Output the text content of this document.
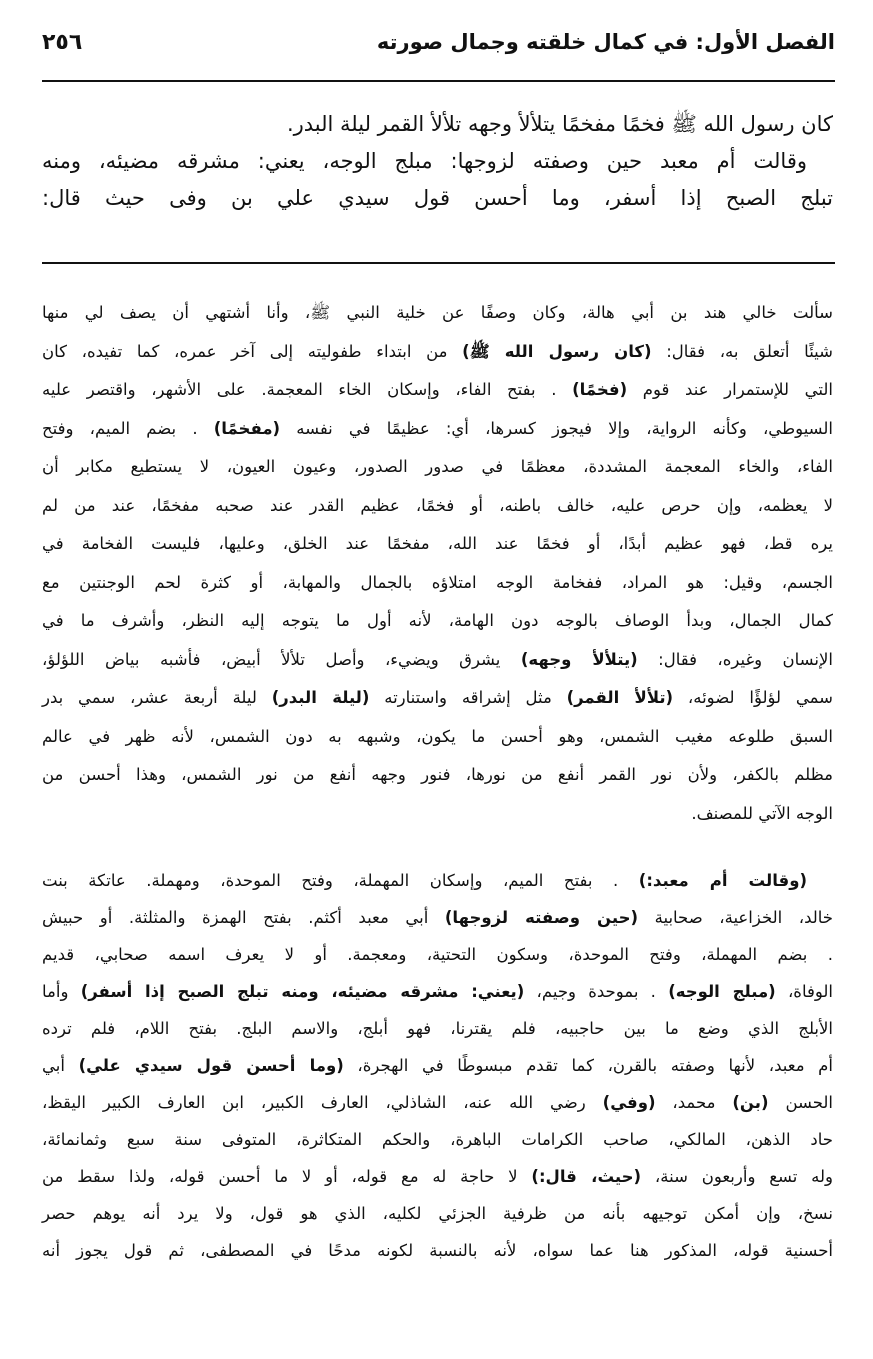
الفصل الأول: في كمال خلقته وجمال صورته
٢٥٦
كان رسول الله ﷺ فخمًا مفخمًا يتلألأ وجهه تلألأ القمر ليلة البدر.
وقالت أم معبد حين وصفته لزوجها: مبلج الوجه، يعني: مشرقه مضيئه، ومنه
تبلج الصبح إذا أسفر، وما أحسن قول سيدي علي بن وفى حيث قال:
سألت خالي هند بن أبي هالة، وكان وصفًا عن خلية النبي ﷺ، وأنا أشتهي أن يصف لي منها
شيئًا أتعلق به، فقال: (كان رسول الله ﷺ) من ابتداء طفوليته إلى آخر عمره، كما تفيده، كان
التي للإستمرار عند قوم (فخمًا) . بفتح الفاء، وإسكان الخاء المعجمة. على الأشهر، واقتصر عليه
السيوطي، وكأنه الرواية، وإلا فيجوز كسرها، أي: عظيمًا في نفسه (مفخمًا) . بضم الميم، وفتح
الفاء، والخاء المعجمة المشددة، معظمًا في صدور الصدور، وعيون العيون، لا يستطيع مكابر أن
لا يعظمه، وإن حرص عليه، خالف باطنه، أو فخمًا، عظيم القدر عند صحبه مفخمًا، عند من لم
يره قط، فهو عظيم أبدًا، أو فخمًا عند الله، مفخمًا عند الخلق، وعليها، فليست الفخامة في
الجسم، وقيل: هو المراد، ففخامة الوجه امتلاؤه بالجمال والمهابة، أو كثرة لحم الوجنتين مع
كمال الجمال، وبدأ الوصاف بالوجه دون الهامة، لأنه أول ما يتوجه إليه النظر، وأشرف ما في
الإنسان وغيره، فقال: (يتلألأ وجهه) يشرق ويضيء، وأصل تلألأ أبيض، فأشبه بياض اللؤلؤ،
سمي لؤلؤًا لضوئه، (تلألأ القمر) مثل إشراقه واستنارته (ليلة البدر) ليلة أربعة عشر، سمي بدر
السبق طلوعه مغيب الشمس، وهو أحسن ما يكون، وشبهه به دون الشمس، لأنه ظهر في عالم
مظلم بالكفر، ولأن نور القمر أنفع من نورها، فنور وجهه أنفع من نور الشمس، وهذا أحسن من
الوجه الآتي للمصنف.
(وقالت أم معبد:) . بفتح الميم، وإسكان المهملة، وفتح الموحدة، ومهملة. عاتكة بنت
خالد، الخزاعية، صحابية (حين وصفته لزوجها) أبي معبد أكثم. بفتح الهمزة والمثلثة. أو حبيش
. بضم المهملة، وفتح الموحدة، وسكون التحتية، ومعجمة. أو لا يعرف اسمه صحابي، قديم
الوفاة، (مبلج الوجه) . بموحدة وجيم، (يعني: مشرقه مضيئه، ومنه تبلج الصبح إذا أسفر) وأما
الأبلج الذي وضع ما بين حاجبيه، فلم يقترنا، فهو أبلج، والاسم البلج. بفتح اللام، فلم ترده
أم معبد، لأنها وصفته بالقرن، كما تقدم مبسوطًا في الهجرة، (وما أحسن قول سيدي علي) أبي
الحسن (بن) محمد، (وفي) رضي الله عنه، الشاذلي، العارف الكبير، ابن العارف الكبير اليقظ،
حاد الذهن، المالكي، صاحب الكرامات الباهرة، والحكم المتكاثرة، المتوفى سنة سبع وثمانمائة،
وله تسع وأربعون سنة، (حيث، قال:) لا حاجة له مع قوله، أو لا ما أحسن قوله، ولذا سقط من
نسخ، وإن أمكن توجيهه بأنه من ظرفية الجزئي لكليه، الذي هو قول، ولا يرد أنه يوهم حصر
أحسنية قوله، المذكور هنا عما سواه، لأنه بالنسبة لكونه مدحًا في المصطفى، ثم قول يجوز أنه
